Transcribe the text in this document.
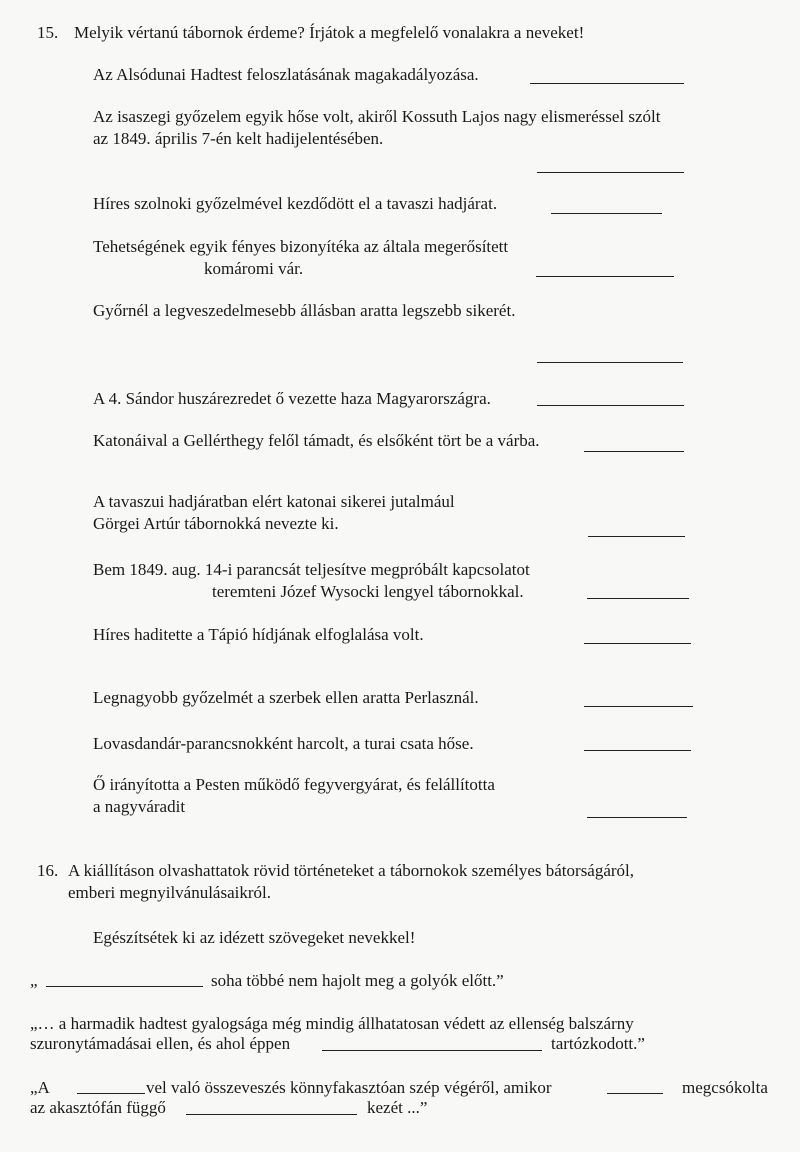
15. Melyik vértanú tábornok érdeme? Írjátok a megfelelő vonalakra a neveket!
Az Alsódunai Hadtest feloszlatásának magakadályozása.
Az isaszegi győzelem egyik hőse volt, akiről Kossuth Lajos nagy elismeréssel szólt
az 1849. április 7-én kelt hadijelentésében.
Híres szolnoki győzelmével kezdődött el a tavaszi hadjárat.
Tehetségének egyik fényes bizonyítéka az általa megerősített
komáromi vár.
Győrnél a legveszedelmesebb állásban aratta legszebb sikerét.
A 4. Sándor huszárezredet ő vezette haza Magyarországra.
Katonáival a Gellérthegy felől támadt, és elsőként tört be a várba.
A tavaszui hadjáratban elért katonai sikerei jutalmául
Görgei Artúr tábornokká nevezte ki.
Bem 1849. aug. 14-i parancsát teljesítve megpróbált kapcsolatot
teremteni Józef Wysocki lengyel tábornokkal.
Híres haditette a Tápió hídjának elfoglalása volt.
Legnagyobb győzelmét a szerbek ellen aratta Perlasznál.
Lovasdandár-parancsnokként harcolt, a turai csata hőse.
Ő irányította a Pesten működő fegyvergyárat, és felállította
a nagyváradit
16. A kiállításon olvashattatok rövid történeteket a tábornokok személyes bátorságáról,
emberi megnyilvánulásaikról.
Egészítsétek ki az idézett szövegeket nevekkel!
„	soha többé nem hajolt meg a golyók előtt.”
„… a harmadik hadtest gyalogsága még mindig állhatatosan védett az ellenség balszárny
szuronytámadásai ellen, és ahol éppen	tartózkodott.”
„A	vel való összeveszés könnyfakasztóan szép végéről, amikor	megcsókolta
az akasztófán függő	kezét ...”
